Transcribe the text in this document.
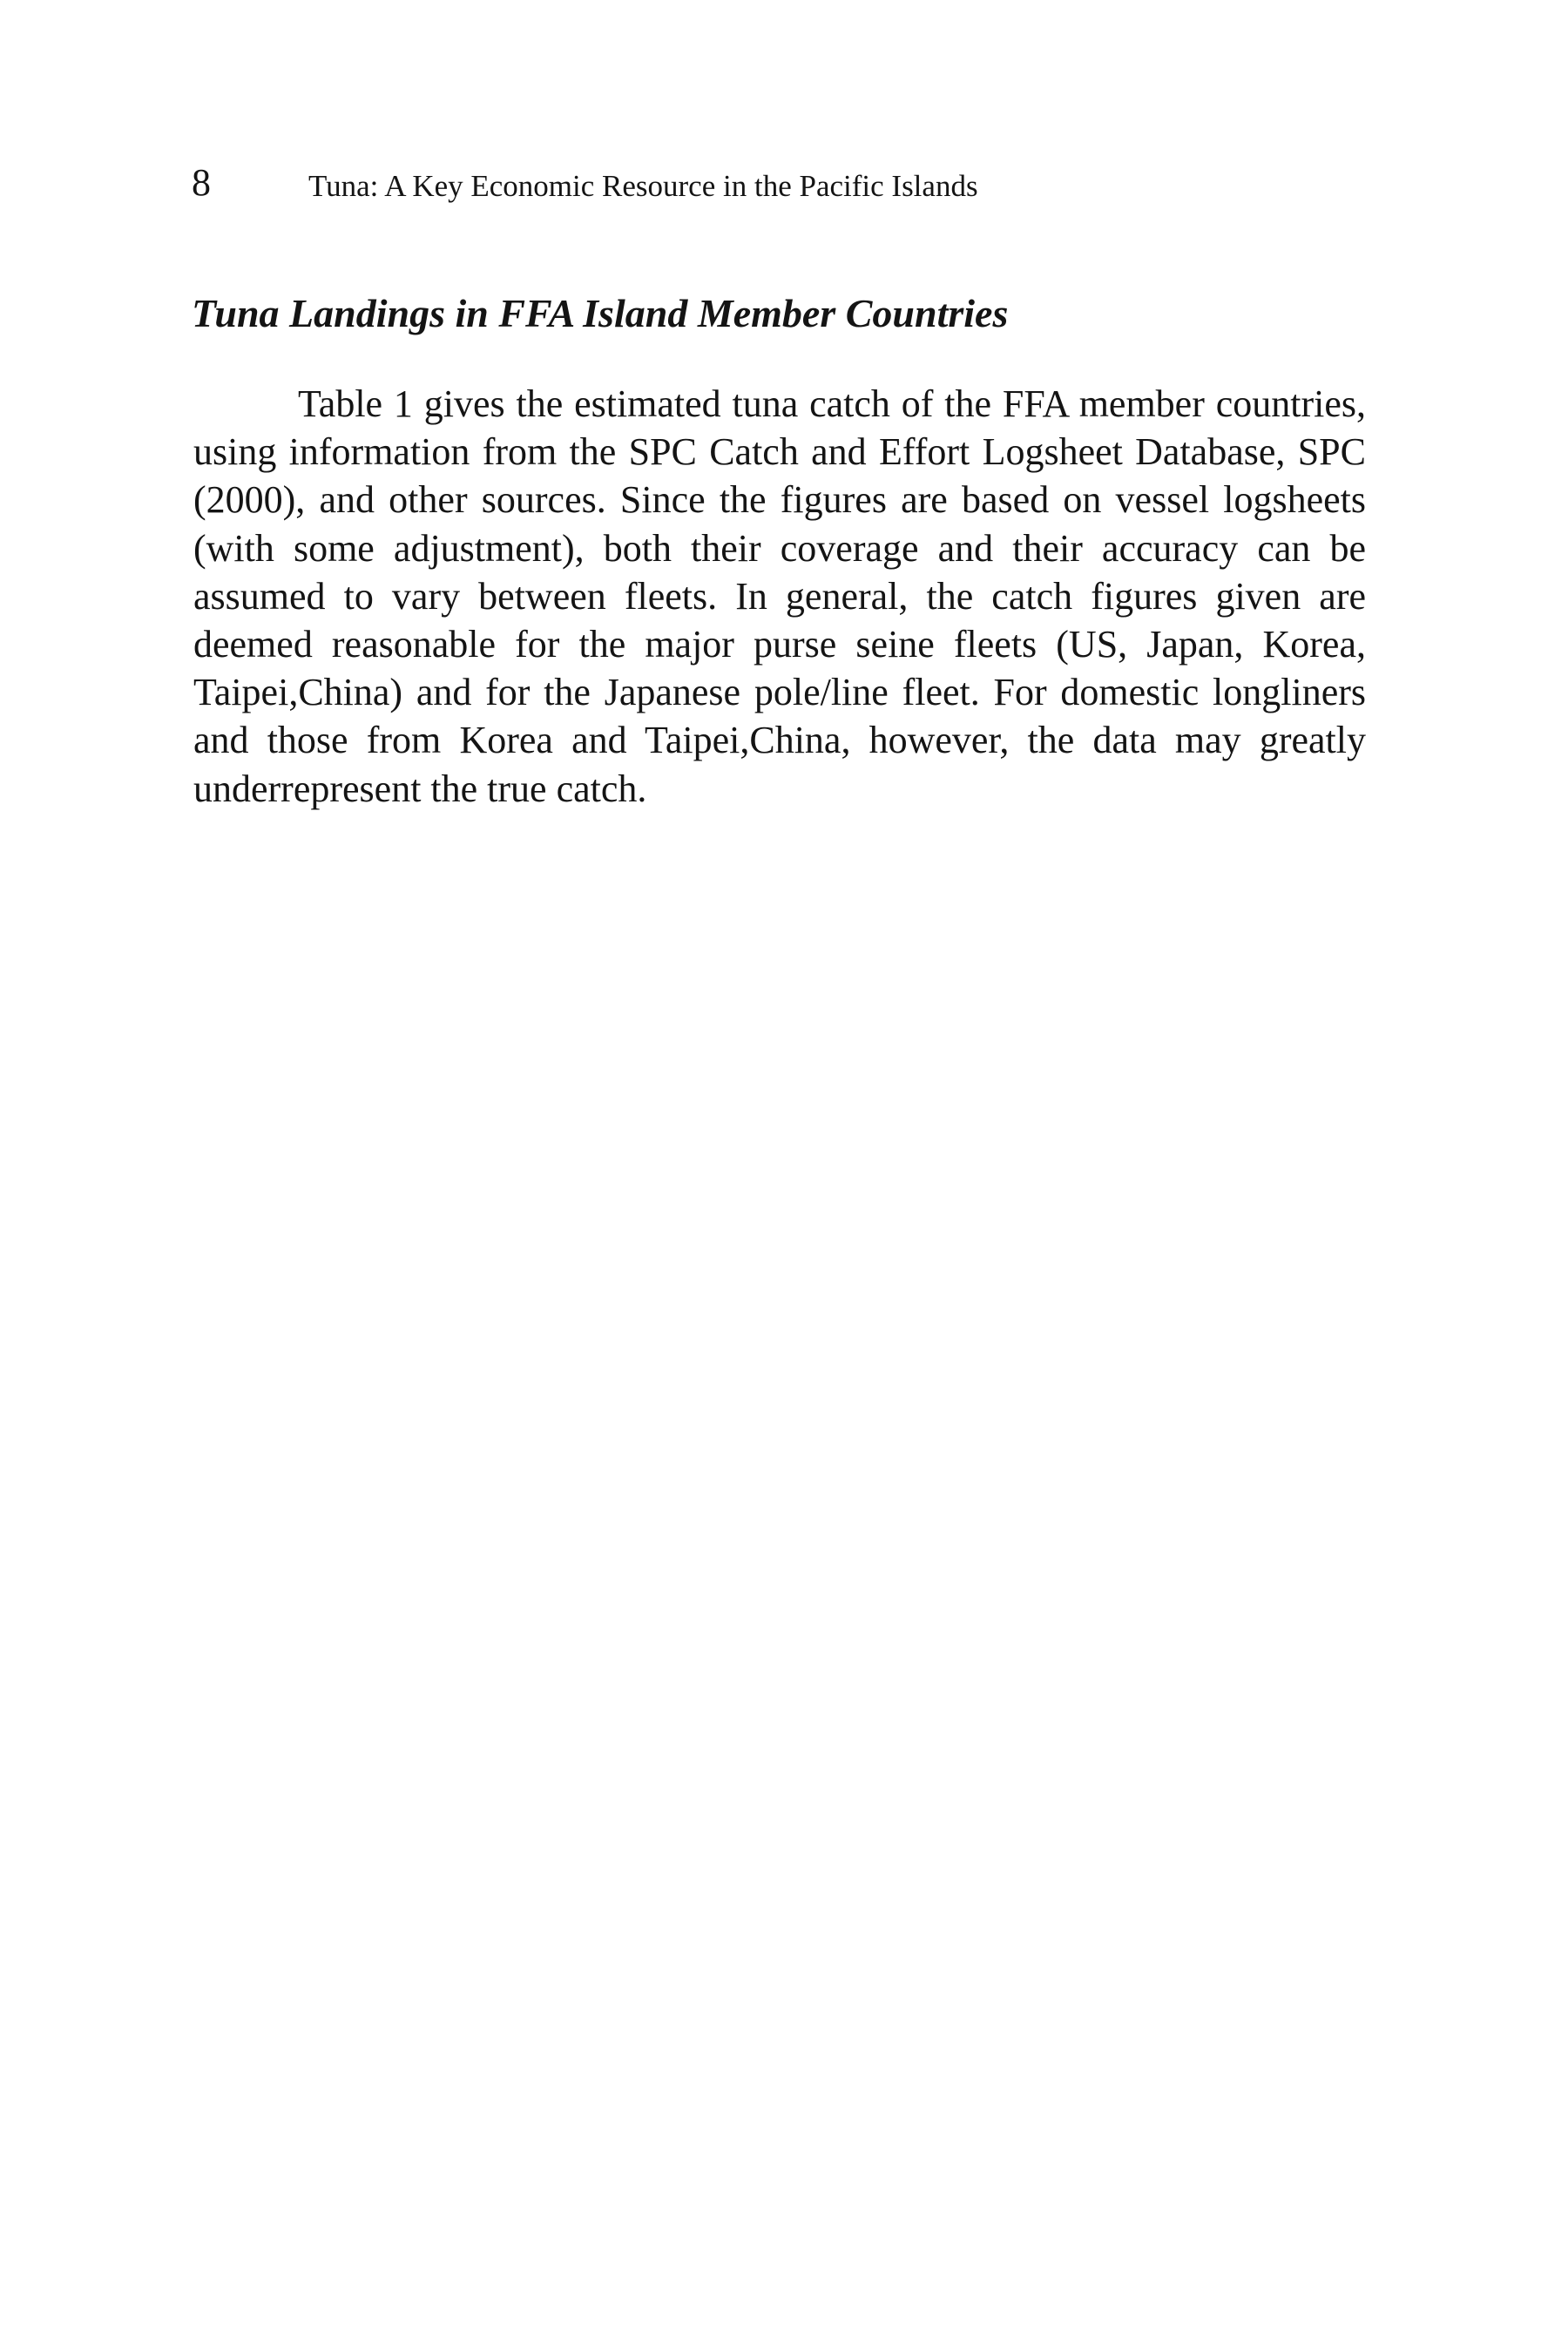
8	Tuna: A Key Economic Resource in the Pacific Islands
Tuna Landings in FFA Island Member Countries

Table 1 gives the estimated tuna catch of the FFA member countries, using information from the SPC Catch and Effort Logsheet Database, SPC (2000), and other sources. Since the figures are based on vessel logsheets (with some adjustment), both their coverage and their accuracy can be assumed to vary between fleets. In general, the catch figures given are deemed reasonable for the major purse seine fleets (US, Japan, Korea, Taipei,China) and for the Japanese pole/line fleet. For domestic longliners and those from Korea and Taipei,China, however, the data may greatly underrepresent the true catch.
